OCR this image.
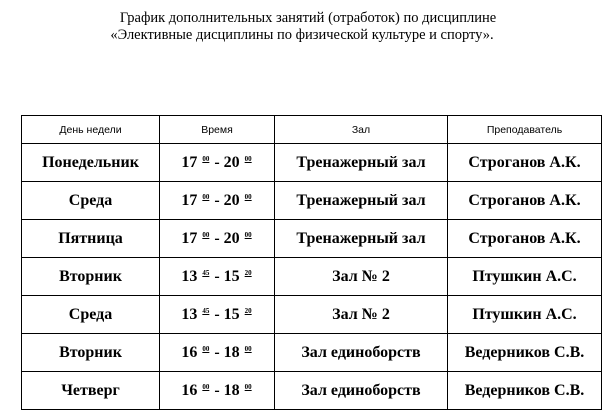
График дополнительных занятий (отработок) по дисциплине
«Элективные дисциплины по физической культуре и спорту».
День недели	Время	Зал	Преподаватель
Понедельник	17 $^{00}$ - 20 $^{00}$	Тренажерный зал	Строганов А.К.
Среда	17 $^{00}$ - 20 $^{00}$	Тренажерный зал	Строганов А.К.
Пятница	17 $^{00}$ - 20 $^{00}$	Тренажерный зал	Строганов А.К.
Вторник	13 $^{45}$ - 15 $^{20}$	Зал № 2	Птушкин А.С.
Среда	13 $^{45}$ - 15 $^{20}$	Зал № 2	Птушкин А.С.
Вторник	16 $^{00}$ - 18 $^{00}$	Зал единоборств	Ведерников С.В.
Четверг	16 $^{00}$ - 18 $^{00}$	Зал единоборств	Ведерников С.В.
